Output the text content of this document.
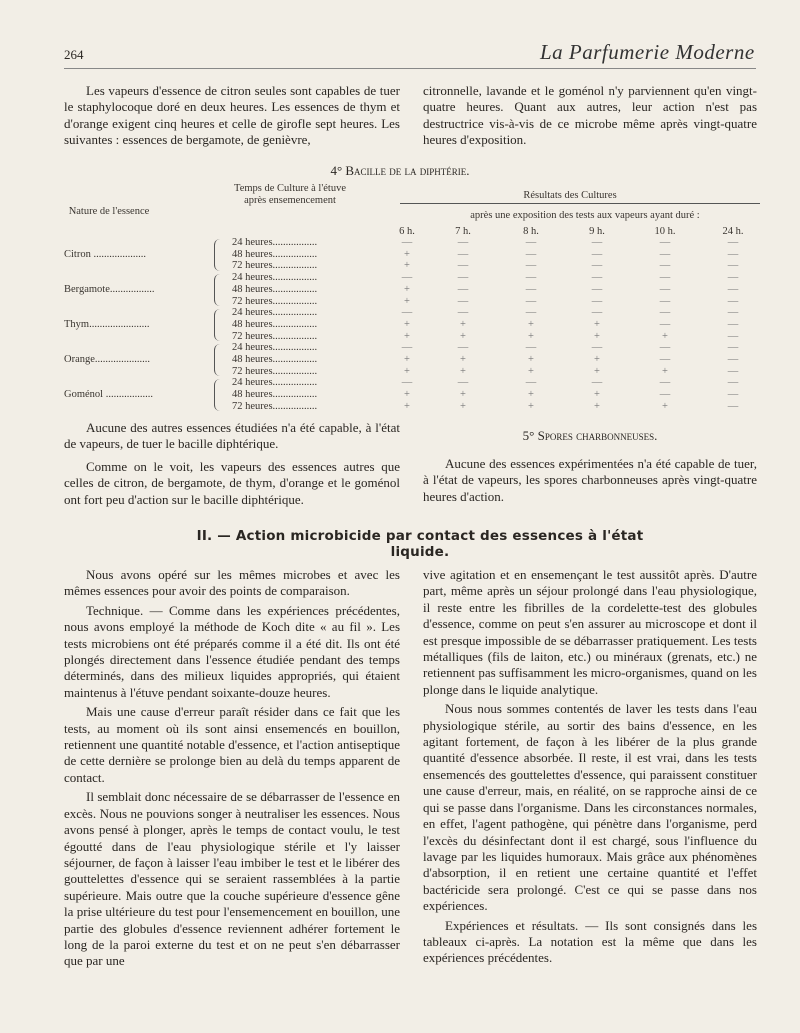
264	La Parfumerie Moderne

Les vapeurs d'essence de citron seules sont capables de tuer le staphylocoque doré en deux heures. Les essences de thym et d'orange exigent cinq heures et celle de girofle sept heures. Les suivantes : essences de bergamote, de genièvre,

citronnelle, lavande et le goménol n'y parviennent qu'en vingt-quatre heures. Quant aux autres, leur action n'est pas destructrice vis-à-vis de ce microbe même après vingt-quatre heures d'exposition.

4° Bacille de la diphtérie.
Nature de l'essence
Temps de Culture à l'étuve après ensemencement	Résultats des Cultures
après une exposition des tests aux vapeurs ayant duré :
6 h.	7 h.	8 h.	9 h.	10 h.	24 h.
Citron ....................
24 heures.................	—	—	—	—	—	—
48 heures.................	+	—	—	—	—	—
72 heures.................	+	—	—	—	—	—
Bergamote.................
24 heures.................	—	—	—	—	—	—
48 heures.................	+	—	—	—	—	—
72 heures.................	+	—	—	—	—	—
Thym.......................
24 heures.................	—	—	—	—	—	—
48 heures.................	+	+	+	+	—	—
72 heures.................	+	+	+	+	+	—
Orange.....................
24 heures.................	—	—	—	—	—	—
48 heures.................	+	+	+	+	—	—
72 heures.................	+	+	+	+	+	—
Goménol ..................
24 heures.................	—	—	—	—	—	—
48 heures.................	+	+	+	+	—	—
72 heures.................	+	+	+	+	+	—

Aucune des autres essences étudiées n'a été capable, à l'état de vapeurs, de tuer le bacille diphtérique.

Comme on le voit, les vapeurs des essences autres que celles de citron, de bergamote, de thym, d'orange et le goménol ont fort peu d'action sur le bacille diphtérique.

5° Spores charbonneuses.

Aucune des essences expérimentées n'a été capable de tuer, à l'état de vapeurs, les spores charbonneuses après vingt-quatre heures d'action.

II. — Action microbicide par contact des essences à l'état liquide.

Nous avons opéré sur les mêmes microbes et avec les mêmes essences pour avoir des points de comparaison.

Technique. — Comme dans les expériences précédentes, nous avons employé la méthode de Koch dite « au fil ». Les tests microbiens ont été préparés comme il a été dit. Ils ont été plongés directement dans l'essence étudiée pendant des temps déterminés, dans des milieux liquides appropriés, qui étaient maintenus à l'étuve pendant soixante-douze heures.

Mais une cause d'erreur paraît résider dans ce fait que les tests, au moment où ils sont ainsi ensemencés en bouillon, retiennent une quantité notable d'essence, et l'action antiseptique de cette dernière se prolonge bien au delà du temps apparent de contact.

Il semblait donc nécessaire de se débarrasser de l'essence en excès. Nous ne pouvions songer à neutraliser les essences. Nous avons pensé à plonger, après le temps de contact voulu, le test égoutté dans de l'eau physiologique stérile et l'y laisser séjourner, de façon à laisser l'eau imbiber le test et le libérer des gouttelettes d'essence qui se seraient rassemblées à la partie supérieure. Mais outre que la couche supérieure d'essence gêne la prise ultérieure du test pour l'ensemencement en bouillon, une partie des globules d'essence reviennent adhérer fortement le long de la paroi externe du test et on ne peut s'en débarrasser que par une

vive agitation et en ensemençant le test aussitôt après. D'autre part, même après un séjour prolongé dans l'eau physiologique, il reste entre les fibrilles de la cordelette-test des globules d'essence, comme on peut s'en assurer au microscope et dont il est presque impossible de se débarrasser pratiquement. Les tests métalliques (fils de laiton, etc.) ou minéraux (grenats, etc.) ne retiennent pas suffisamment les micro-organismes, quand on les plonge dans le liquide analytique.

Nous nous sommes contentés de laver les tests dans l'eau physiologique stérile, au sortir des bains d'essence, en les agitant fortement, de façon à les libérer de la plus grande quantité d'essence absorbée. Il reste, il est vrai, dans les tests ensemencés des gouttelettes d'essence, qui paraissent constituer une cause d'erreur, mais, en réalité, on se rapproche ainsi de ce qui se passe dans l'organisme. Dans les circonstances normales, en effet, l'agent pathogène, qui pénètre dans l'organisme, perd l'excès du désinfectant dont il est chargé, sous l'influence du lavage par les liquides humoraux. Mais grâce aux phénomènes d'absorption, il en retient une certaine quantité et l'effet bactéricide sera prolongé. C'est ce qui se passe dans nos expériences.

Expériences et résultats. — Ils sont consignés dans les tableaux ci-après. La notation est la même que dans les expériences précédentes.
